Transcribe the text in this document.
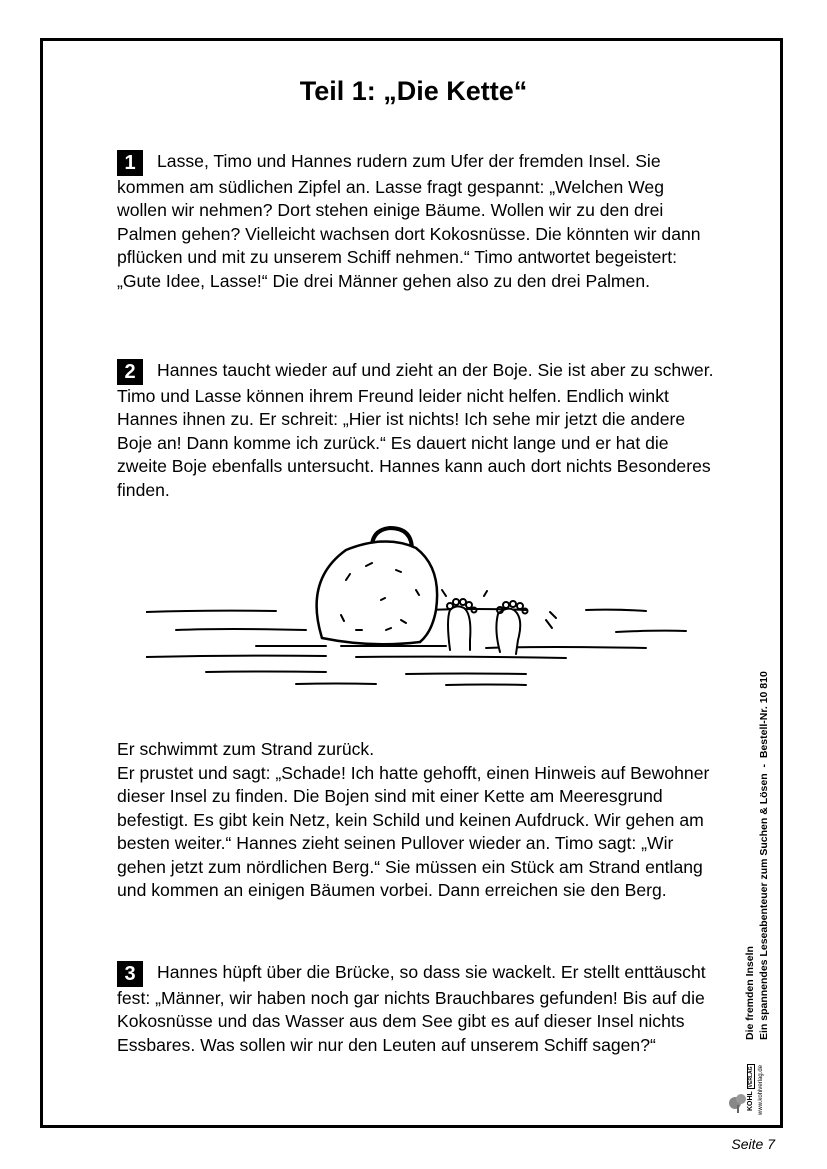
Teil 1: „Die Kette“

1 Lasse, Timo und Hannes rudern zum Ufer der fremden Insel. Sie kommen am südlichen Zipfel an. Lasse fragt gespannt: „Welchen Weg wollen wir nehmen? Dort stehen einige Bäume. Wollen wir zu den drei Palmen gehen? Vielleicht wachsen dort Kokosnüsse. Die könnten wir dann pflücken und mit zu unserem Schiff nehmen.“ Timo antwortet begeistert: „Gute Idee, Lasse!“ Die drei Männer gehen also zu den drei Palmen.

2 Hannes taucht wieder auf und zieht an der Boje. Sie ist aber zu schwer. Timo und Lasse können ihrem Freund leider nicht helfen. Endlich winkt Hannes ihnen zu. Er schreit: „Hier ist nichts! Ich sehe mir jetzt die andere Boje an! Dann komme ich zurück.“ Es dauert nicht lange und er hat die zweite Boje ebenfalls untersucht. Hannes kann auch dort nichts Besonderes finden.

Er schwimmt zum Strand zurück.

Er prustet und sagt: „Schade! Ich hatte gehofft, einen Hinweis auf Bewohner dieser Insel zu finden. Die Bojen sind mit einer Kette am Meeresgrund befestigt. Es gibt kein Netz, kein Schild und keinen Aufdruck. Wir gehen am besten weiter.“ Hannes zieht seinen Pullover wieder an. Timo sagt: „Wir gehen jetzt zum nördlichen Berg.“ Sie müssen ein Stück am Strand entlang und kommen an einigen Bäumen vorbei. Dann erreichen sie den Berg.

3 Hannes hüpft über die Brücke, so dass sie wackelt. Er stellt enttäuscht fest: „Männer, wir haben noch gar nichts Brauchbares gefunden! Bis auf die Kokosnüsse und das Wasser aus dem See gibt es auf dieser Insel nichts Essbares. Was sollen wir nur den Leuten auf unserem Schiff sagen?“

Die fremden Inseln Ein spannendes Leseabenteuer zum Suchen & Lösen  -  Bestell-Nr. 10 810
KOHL VERLAG www.kohlverlag.de
Seite 7
